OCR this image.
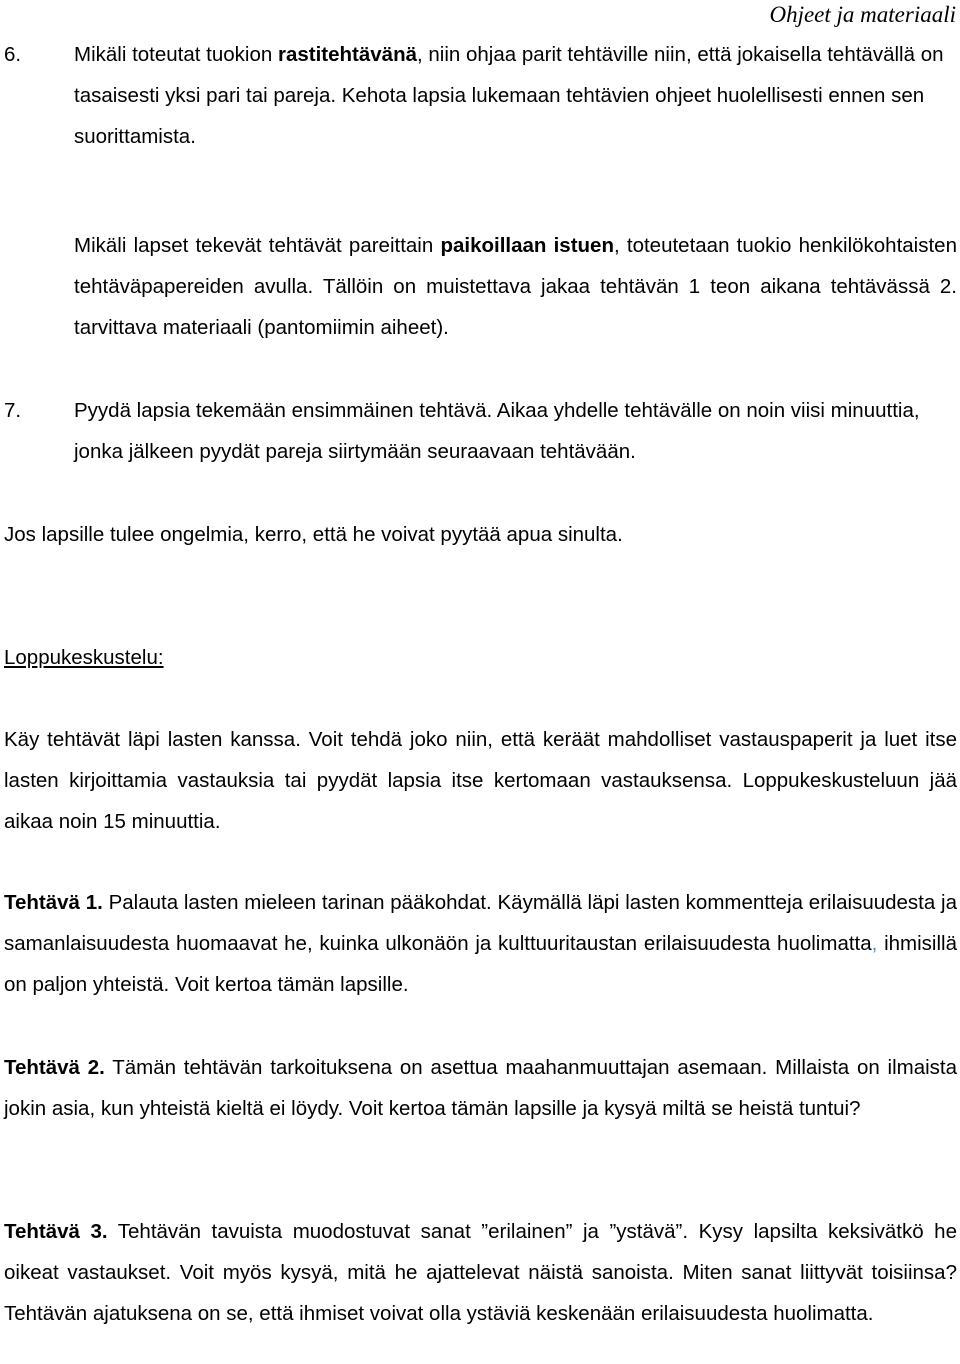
Ohjeet ja materiaali
6.	Mikäli toteutat tuokion rastitehtävänä, niin ohjaa parit tehtäville niin, että jokaisella tehtävällä on tasaisesti yksi pari tai pareja. Kehota lapsia lukemaan tehtävien ohjeet huolellisesti ennen sen suorittamista.
Mikäli lapset tekevät tehtävät pareittain paikoillaan istuen, toteutetaan tuokio henkilökohtaisten tehtäväpapereiden avulla. Tällöin on muistettava jakaa tehtävän 1 teon aikana tehtävässä 2. tarvittava materiaali (pantomiimin aiheet).
7.	Pyydä lapsia tekemään ensimmäinen tehtävä. Aikaa yhdelle tehtävälle on noin viisi minuuttia, jonka jälkeen pyydät pareja siirtymään seuraavaan tehtävään.
Jos lapsille tulee ongelmia, kerro, että he voivat pyytää apua sinulta.
Loppukeskustelu:
Käy tehtävät läpi lasten kanssa. Voit tehdä joko niin, että keräät mahdolliset vastauspaperit ja luet itse lasten kirjoittamia vastauksia tai pyydät lapsia itse kertomaan vastauksensa. Loppukeskusteluun jää aikaa noin 15 minuuttia.
Tehtävä 1. Palauta lasten mieleen tarinan pääkohdat. Käymällä läpi lasten kommentteja erilaisuudesta ja samanlaisuudesta huomaavat he, kuinka ulkonäön ja kulttuuritaustan erilaisuudesta huolimatta, ihmisillä on paljon yhteistä. Voit kertoa tämän lapsille.
Tehtävä 2. Tämän tehtävän tarkoituksena on asettua maahanmuuttajan asemaan. Millaista on ilmaista jokin asia, kun yhteistä kieltä ei löydy. Voit kertoa tämän lapsille ja kysyä miltä se heistä tuntui?
Tehtävä 3. Tehtävän tavuista muodostuvat sanat ”erilainen” ja ”ystävä”. Kysy lapsilta keksivätkö he oikeat vastaukset. Voit myös kysyä, mitä he ajattelevat näistä sanoista. Miten sanat liittyvät toisiinsa? Tehtävän ajatuksena on se, että ihmiset voivat olla ystäviä keskenään erilaisuudesta huolimatta.
